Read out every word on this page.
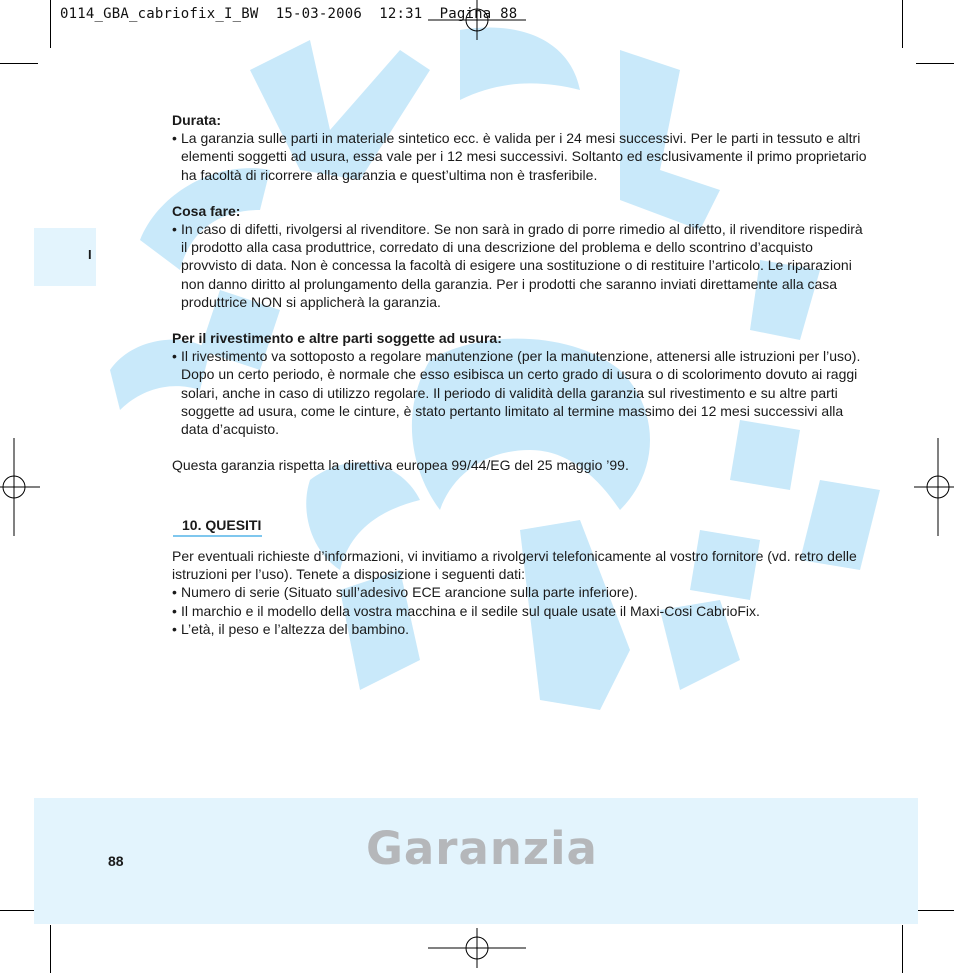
0114_GBA_cabriofix_I_BW  15-03-2006  12:31  Pagina 88
I

Durata:

• La garanzia sulle parti in materiale sintetico ecc. è valida per i 24 mesi successivi. Per le parti in tessuto e altri elementi soggetti ad usura, essa vale per i 12 mesi successivi. Soltanto ed esclusivamente il primo proprietario ha facoltà di ricorrere alla garanzia e quest’ultima non è trasferibile.

Cosa fare:

• In caso di difetti, rivolgersi al rivenditore. Se non sarà in grado di porre rimedio al difetto, il rivenditore rispedirà il prodotto alla casa produttrice, corredato di una descrizione del problema e dello scontrino d’acquisto provvisto di data. Non è concessa la facoltà di esigere una sostituzione o di restituire l’articolo. Le riparazioni non danno diritto al prolungamento della garanzia. Per i prodotti che saranno inviati direttamente alla casa produttrice NON si applicherà la garanzia.

Per il rivestimento e altre parti soggette ad usura:

• Il rivestimento va sottoposto a regolare manutenzione (per la manutenzione, attenersi alle istruzioni per l’uso). Dopo un certo periodo, è normale che esso esibisca un certo grado di usura o di scolorimento dovuto ai raggi solari, anche in caso di utilizzo regolare. Il periodo di validità della garanzia sul rivestimento e su altre parti soggette ad usura, come le cinture, è stato pertanto limitato al termine massimo dei 12 mesi successivi alla data d’acquisto.

Questa garanzia rispetta la direttiva europea 99/44/EG del 25 maggio ’99.

10. QUESITI

Per eventuali richieste d’informazioni, vi invitiamo a rivolgervi telefonicamente al vostro fornitore (vd. retro delle istruzioni per l’uso). Tenete a disposizione i seguenti dati:

• Numero di serie (Situato sull’adesivo ECE arancione sulla parte inferiore).

• Il marchio e il modello della vostra macchina e il sedile sul quale usate il Maxi-Cosi CabrioFix.

• L’età, il peso e l’altezza del bambino.

88	Garanzia
